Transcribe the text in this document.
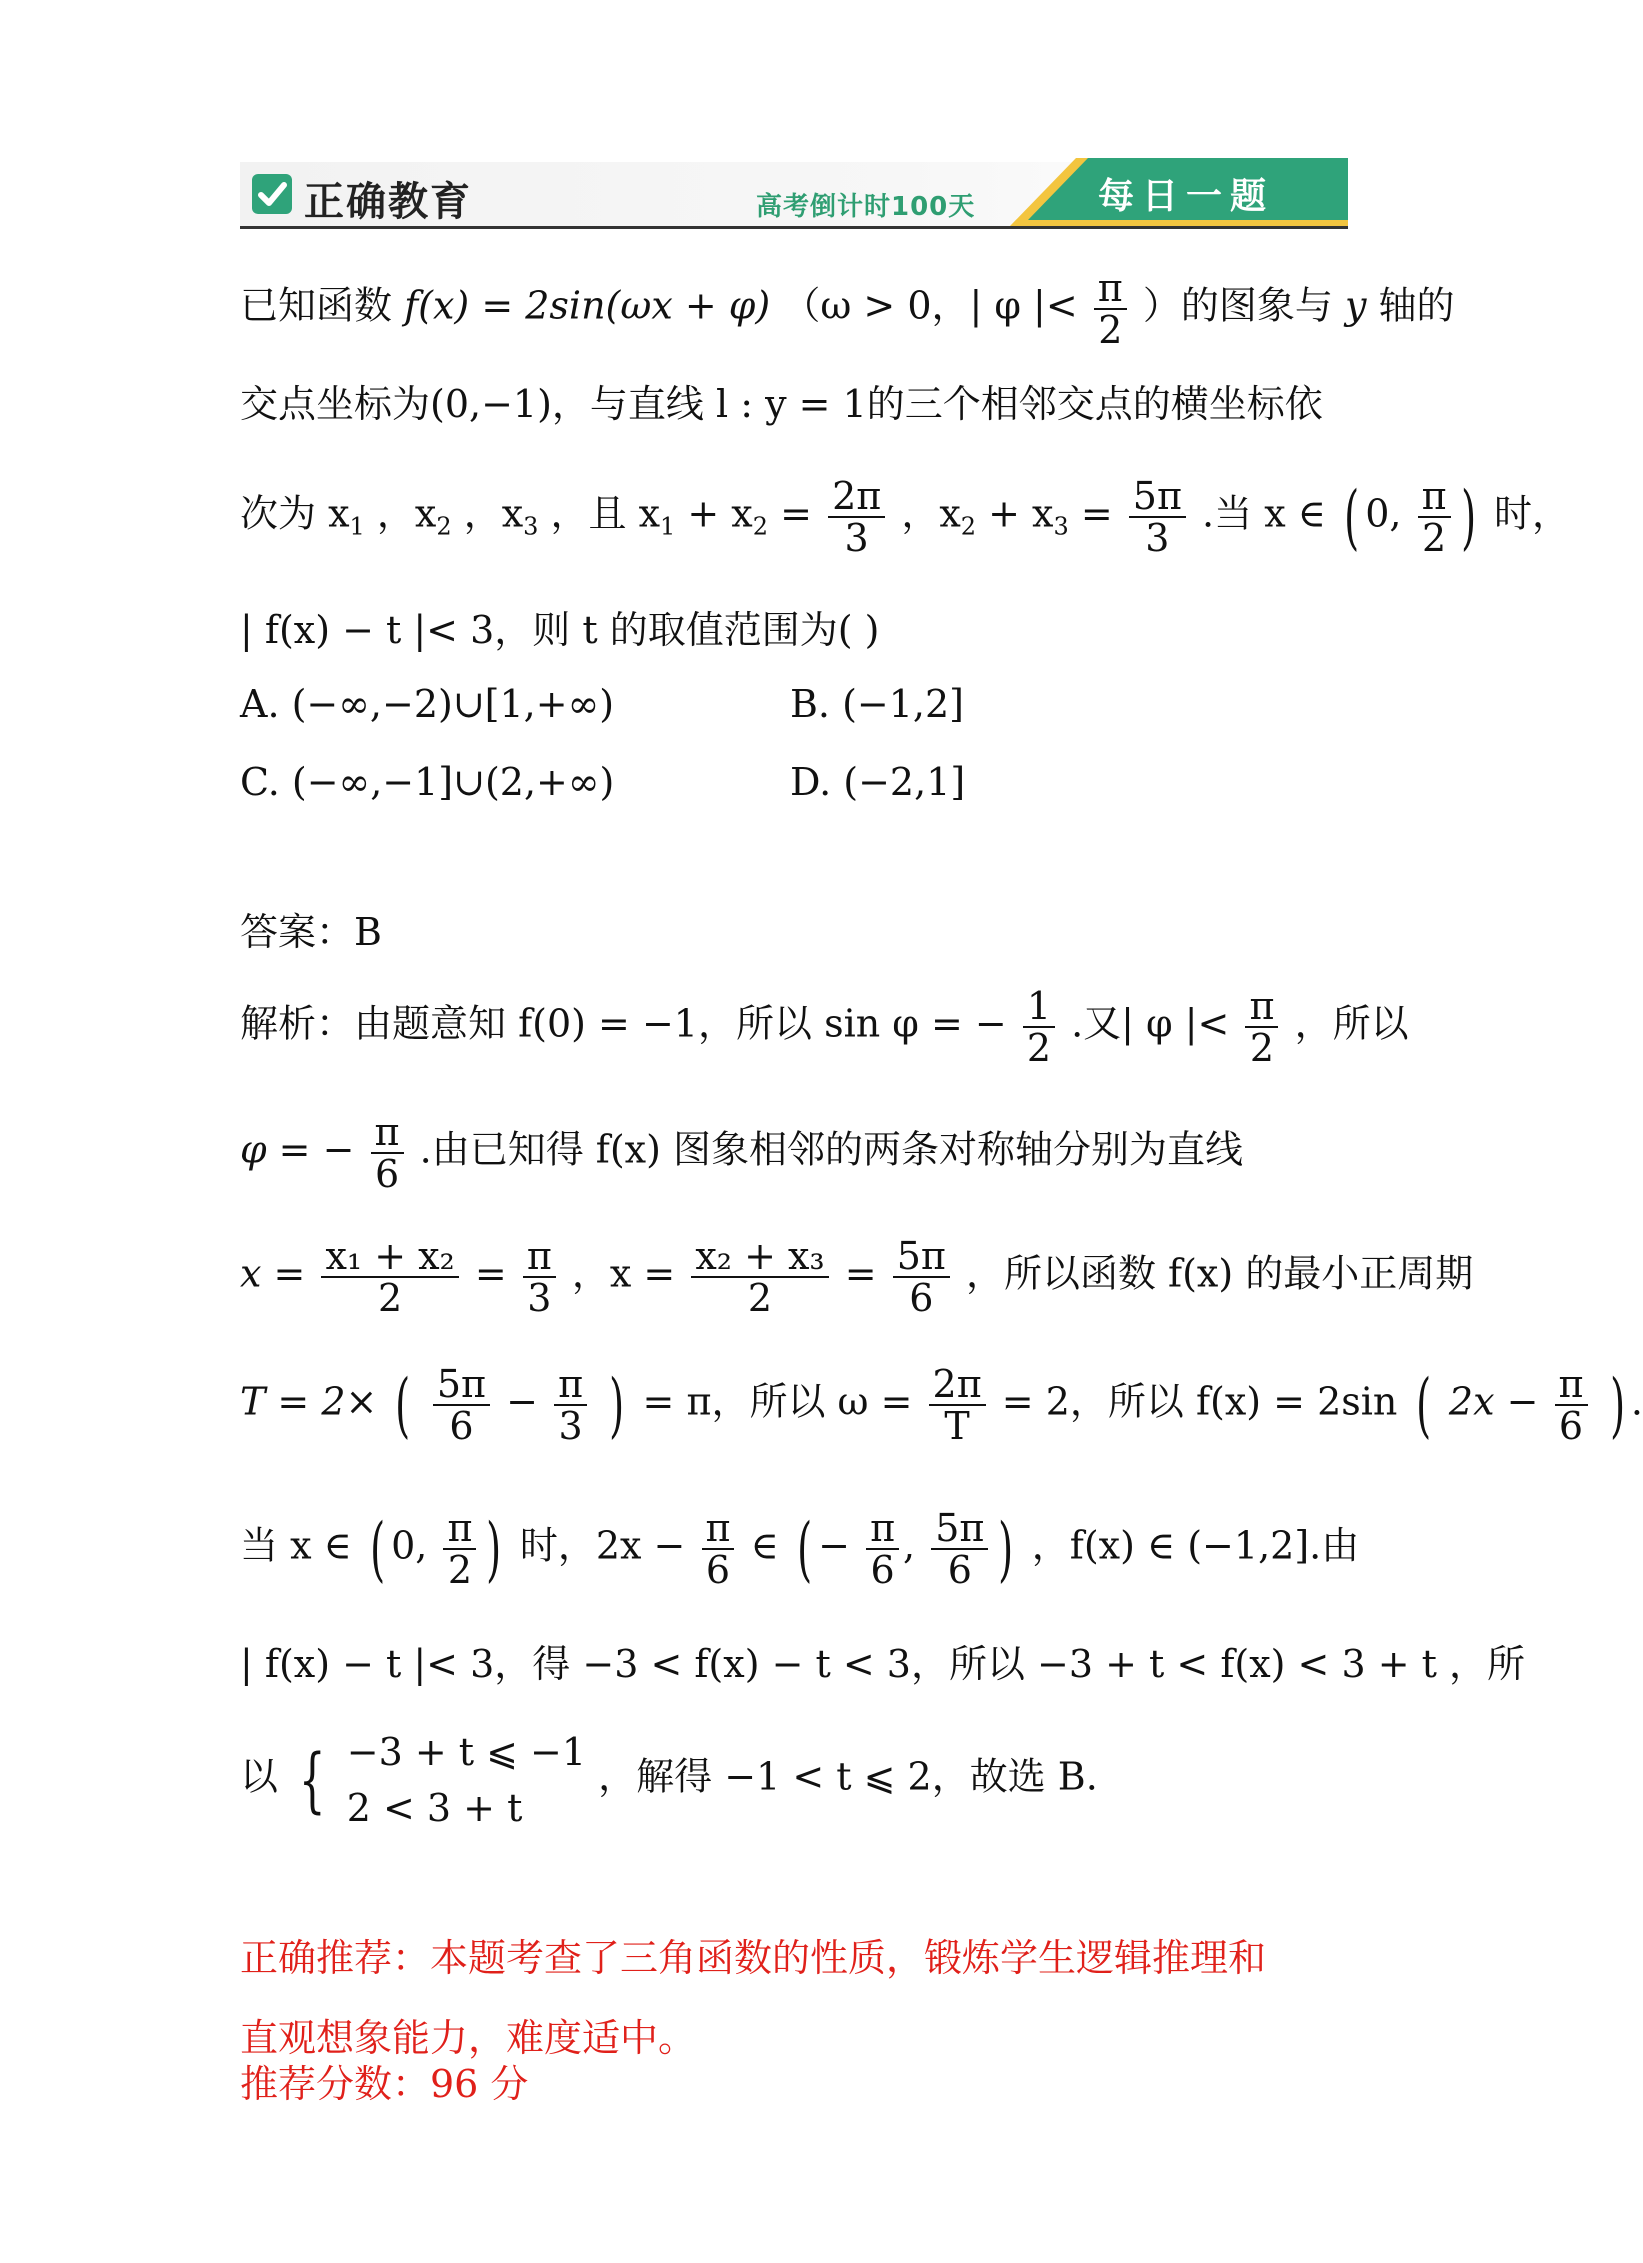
正确教育	高考倒计时100天	每日一题
已知函数 f(x) = 2sin(ωx + φ) （ω > 0，| φ |< $\frac{\pi}{2}$ ）的图象与 y 轴的
交点坐标为(0,−1)，与直线 l : y = 1的三个相邻交点的横坐标依
次为 $x_1$ ，$x_2$ ，$x_3$ ，且 $x_1 + x_2 = \frac{2\pi}{3}$ ，$x_2 + x_3 = \frac{5\pi}{3}$ .当 x ∈ ( 0, $\frac{\pi}{2}$ ) 时，
| f(x) − t |< 3，则 t 的取值范围为( )
A. (−∞,−2)∪[1,+∞)	B. (−1,2]
C. (−∞,−1]∪(2,+∞)	D. (−2,1]
答案：B
解析：由题意知 f(0) = −1，所以 sin φ = − $\frac{1}{2}$ .又| φ |< $\frac{\pi}{2}$ ，所以
φ = − $\frac{\pi}{6}$ .由已知得 f(x) 图象相邻的两条对称轴分别为直线
$x = \frac{\text{x₁ + x₂}}{2} = \frac{\pi}{3}$ ，$x = \frac{\text{x₂ + x₃}}{2} = \frac{5\pi}{6}$ ，所以函数 f(x) 的最小正周期
T = 2× ( $\frac{5\pi}{6} - \frac{\pi}{3}$ ) = π，所以 $\omega = \frac{2\pi}{T} = 2$，所以 f(x) = 2sin ( $2x - \frac{\pi}{6}$ ) .
当 x ∈ ( 0, $\frac{\pi}{2}$ ) 时，$2x - \frac{\pi}{6}$ ∈ ( − $\frac{\pi}{6}$ , $\frac{5\pi}{6}$ ) ，f(x) ∈ (−1,2].由
| f(x) − t |< 3，得 −3 < f(x) − t < 3，所以 −3 + t < f(x) < 3 + t ，所
以 { −3 + t ⩽ −1
2 < 3 + t
，解得 −1 < t ⩽ 2，故选 B.
正确推荐：本题考查了三角函数的性质，锻炼学生逻辑推理和
直观想象能力，难度适中。
推荐分数：96 分
